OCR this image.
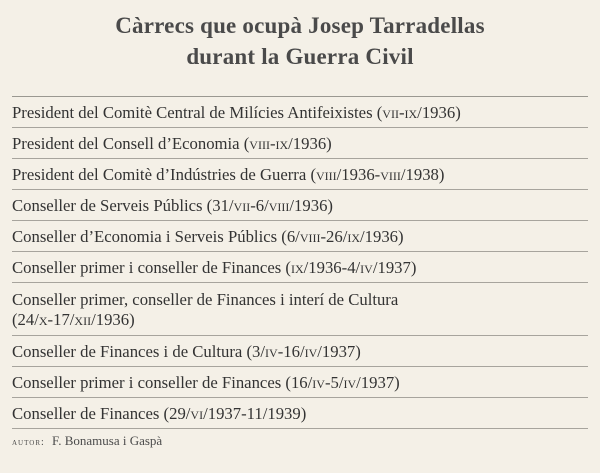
Càrrecs que ocupà Josep Tarradellas
durant la Guerra Civil
President del Comitè Central de Milícies Antifeixistes (vii-ix/1936)
President del Consell d’Economia (viii-ix/1936)
President del Comitè d’Indústries de Guerra (viii/1936-viii/1938)
Conseller de Serveis Públics (31/vii-6/viii/1936)
Conseller d’Economia i Serveis Públics (6/viii-26/ix/1936)
Conseller primer i conseller de Finances (ix/1936-4/iv/1937)
Conseller primer, conseller de Finances i interí de Cultura
(24/x-17/xii/1936)
Conseller de Finances i de Cultura (3/iv-16/iv/1937)
Conseller primer i conseller de Finances (16/iv-5/iv/1937)
Conseller de Finances (29/vi/1937-11/1939)
autor: F. Bonamusa i Gaspà
